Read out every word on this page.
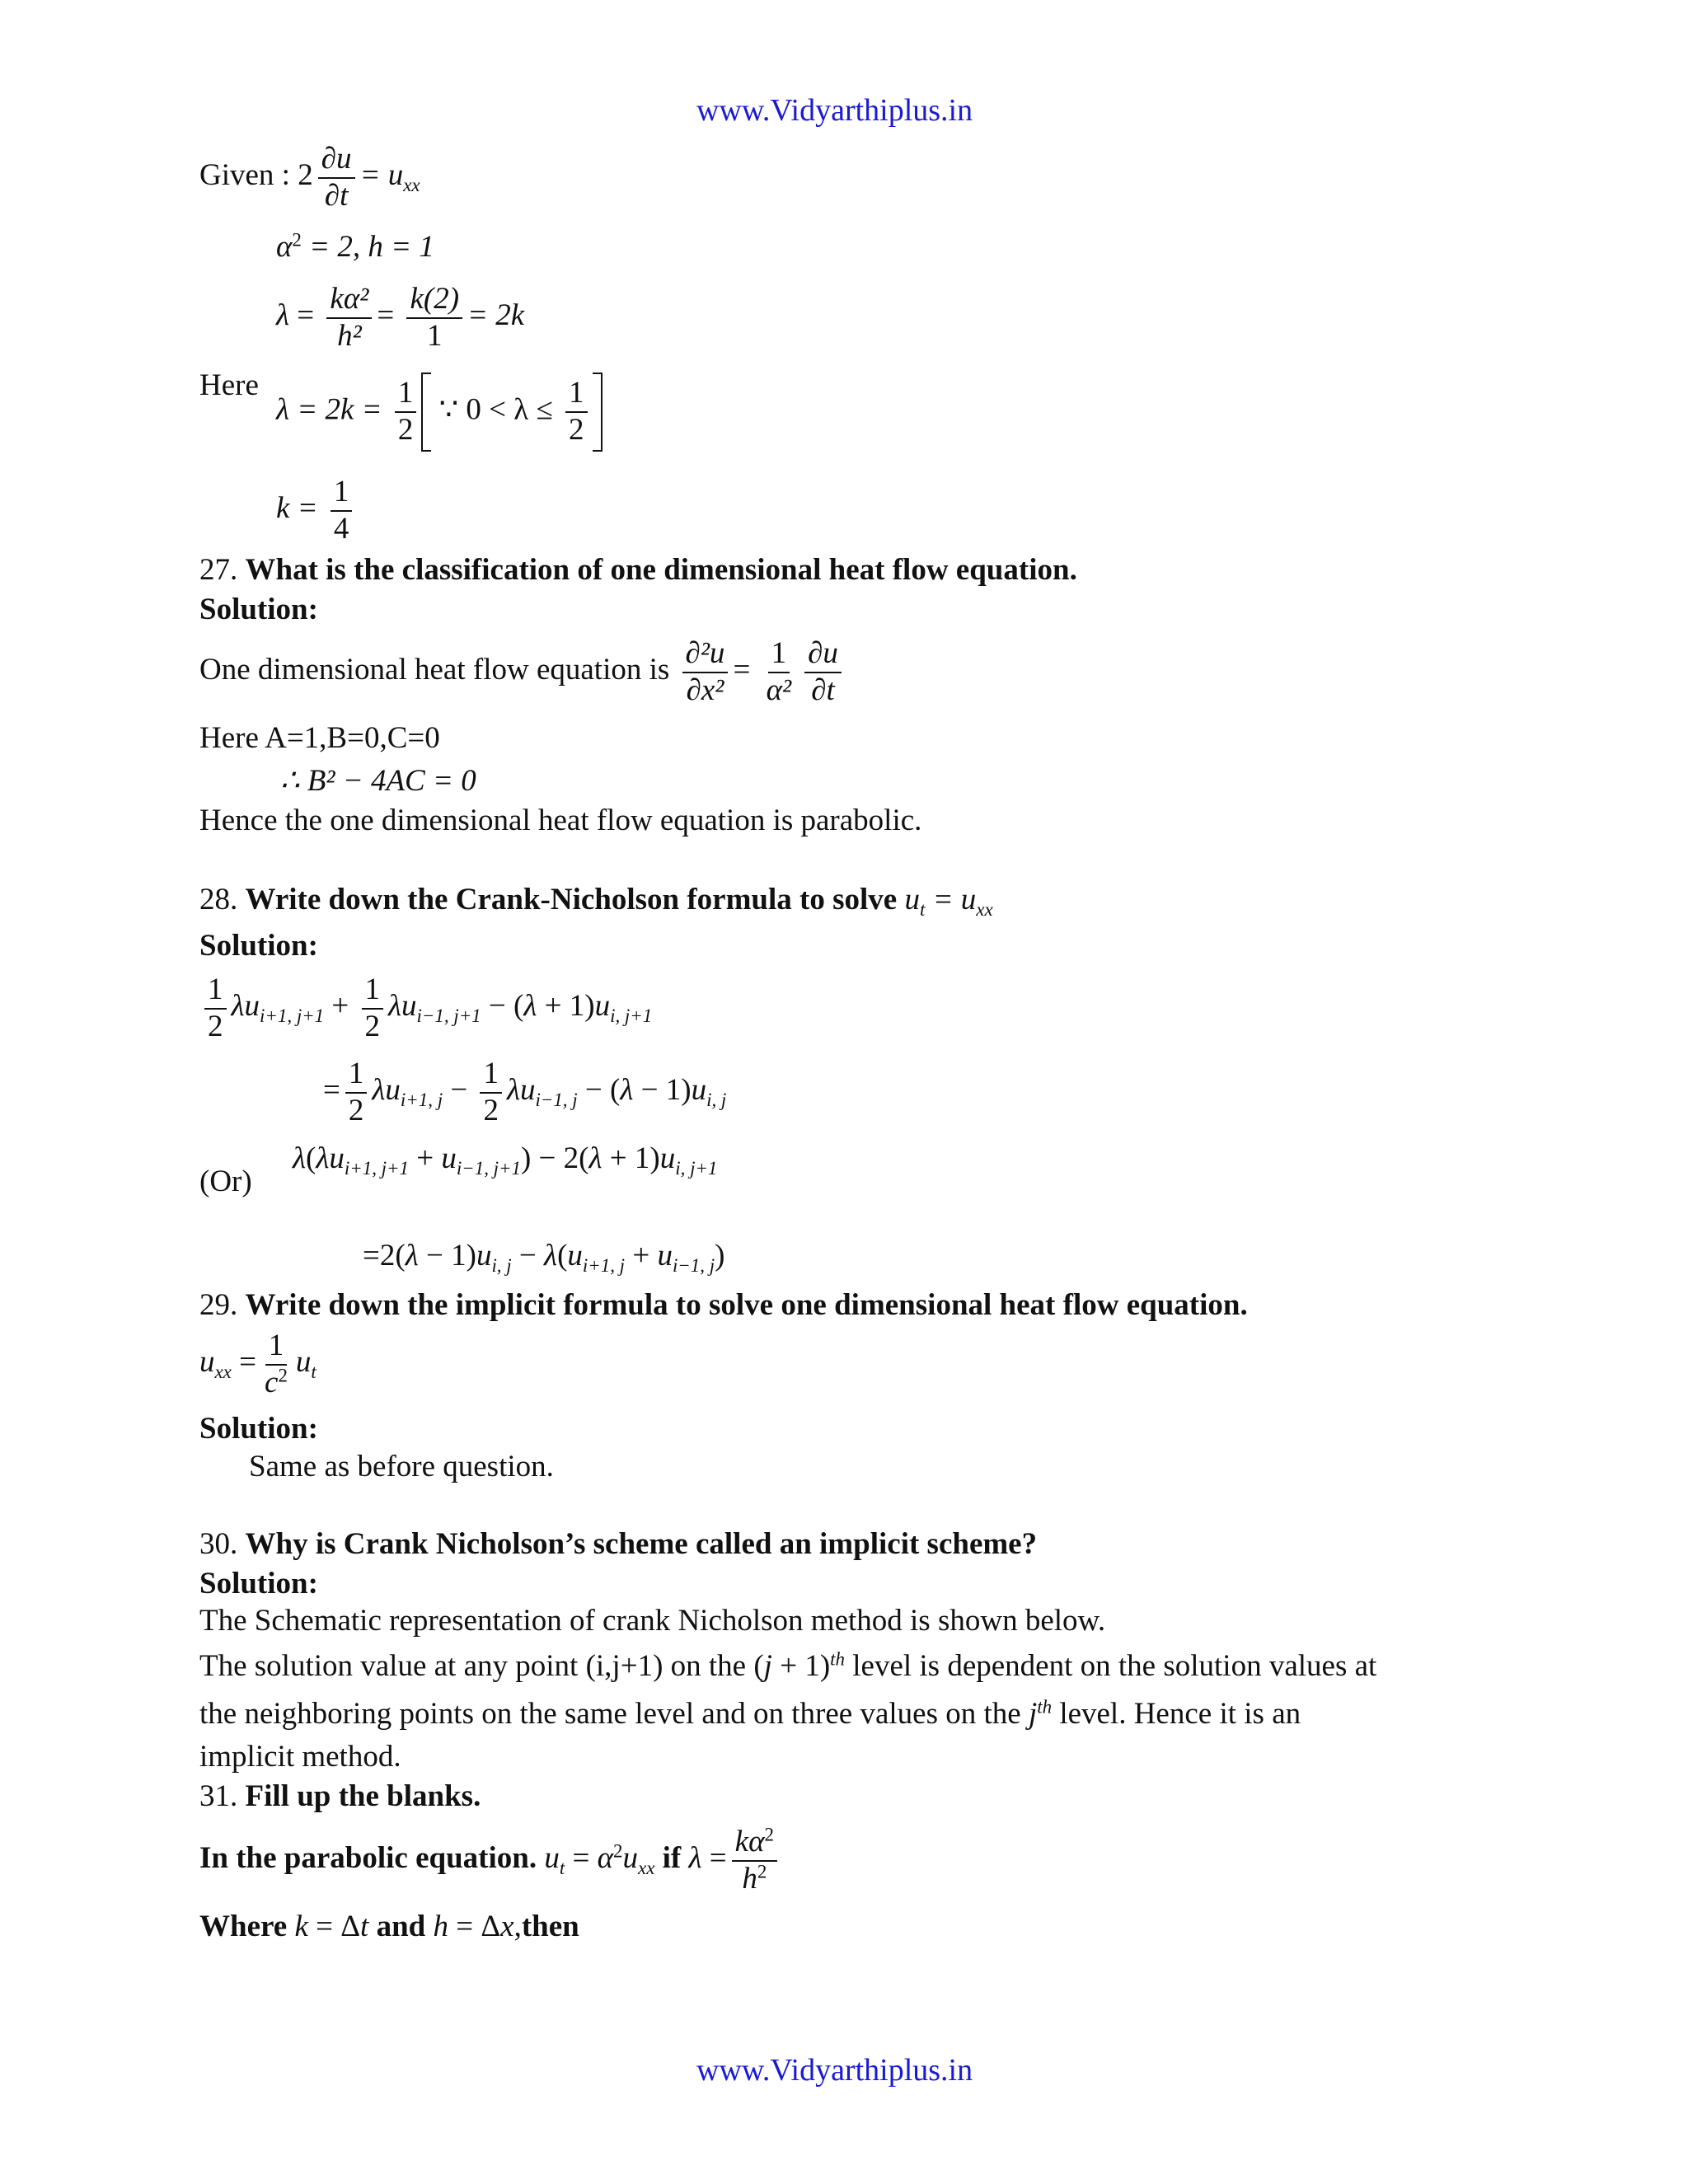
www.Vidyarthiplus.in
Given : $2 \frac{\partial u}{\partial t} = u_{xx}$
$\alpha^2 = 2$, h = 1
$\lambda = \frac{\text{kα²}}{\text{h²}} = \frac{k(2)}{1} = 2k$
Here
$\lambda = 2k = \frac{1}{2}$ ∵ $0 < \lambda \le \frac{1}{2}$
$k = \frac{1}{4}$
27. What is the classification of one dimensional heat flow equation.
Solution:
One dimensional heat flow equation is $\frac{\text{∂²u}}{\text{∂x²}} = \frac{1}{\text{α²}} \frac{\partial u}{\partial t}$
Here A=1,B=0,C=0
∴ B² − 4AC = 0
Hence the one dimensional heat flow equation is parabolic.
28. Write down the Crank-Nicholson formula to solve $u_t = u_{xx}$
Solution:
$\frac{1}{2} \lambda u_{i+1, j+1} + \frac{1}{2} \lambda u_{i-1, j+1} - (\lambda + 1)u_{i, j+1}$
= $\frac{1}{2} \lambda u_{i+1, j} - \frac{1}{2} \lambda u_{i-1, j} - (\lambda - 1)u_{i, j}$
$\lambda(\lambda u_{i+1, j+1} + u_{i-1, j+1}) - 2(\lambda + 1)u_{i, j+1}$
(Or)
$=2(\lambda - 1)u_{i, j} - \lambda(u_{i+1, j} + u_{i-1, j})$
29. Write down the implicit formula to solve one dimensional heat flow equation.
$u_{xx} = \frac{1}{c^2} u_t$
Solution:
Same as before question.
30. Why is Crank Nicholson’s scheme called an implicit scheme?
Solution:
The Schematic representation of crank Nicholson method is shown below.
The solution value at any point (i,j+1) on the $(j + 1)^{th}$ level is dependent on the solution values at
the neighboring points on the same level and on three values on the $j^{th}$ level. Hence it is an
implicit method.
31. Fill up the blanks.
In the parabolic equation. $u_t = \alpha^2u_{xx}$ if $\lambda = \frac{k\alpha^2}{h^2}$
Where k = Δt and h = Δx,then
www.Vidyarthiplus.in
